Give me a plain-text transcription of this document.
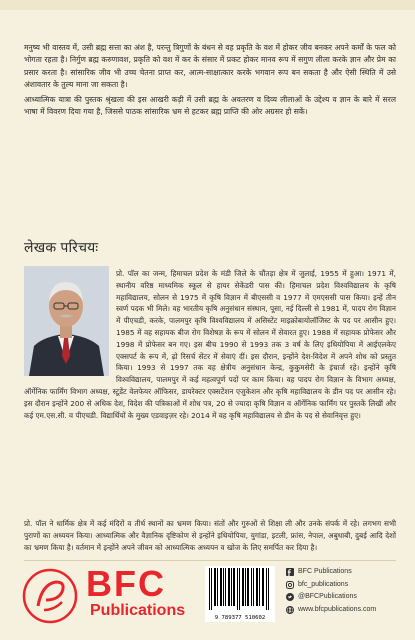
मनुष्य भी वास्तव में, उसी ब्रह्म सत्ता का अंश है, परन्तु त्रिगुणों के बंधन से वह प्रकृति के वश में होकर जीव बनकर अपने कर्मों के फल को भोगता रहता है। निर्गुण ब्रह्म करुणावश, प्रकृति को वश में कर के संसार में प्रकट होकर मानव रूप में सगुण लीला करके ज्ञान और प्रेम का प्रसार करता है। सांसारिक जीव भी उच्च चेतना प्राप्त कर, आत्म-साक्षात्कार करके भगवान रूप बन सकता है और ऐसी स्थिति में उसे अंशावतार के तुल्य माना जा सकता है।

आध्यात्मिक यात्रा की पुस्तक श्रृंखला की इस आखरी कड़ी में उसी ब्रह्म के अवतरण व दिव्य लीलाओं के उद्देश्य व ज्ञान के बारे में सरल भाषा में विवरण दिया गया है, जिससे पाठक सांसारिक भ्रम से हटकर ब्रह्म प्राप्ति की ओर अग्रसर हो सकें।

लेखक परिचयः

प्रो. पॉल का जन्म, हिमाचल प्रदेश के मंडी जिले के चौंतड़ा क्षेत्र में जुलाई, 1955 में हुआ। 1971 में, स्थानीय वरिष्ठ माध्यमिक स्कूल से हायर सेकेंडरी पास की। हिमाचल प्रदेश विश्वविद्यालय के कृषि महाविद्यालय, सोलन से 1975 में कृषि विज्ञान में बीएससी व 1977 में एमएससी पास किया। इन्हें तीन स्वर्ण पदक भी मिले। वह भारतीय कृषि अनुसंधान संस्थान, पूसा, नई दिल्ली से 1981 में, पादप रोग विज्ञान में पीएचडी, करके, पालमपुर कृषि विश्वविद्यालय में असिस्टेंट माइक्रोबायोलॉजिस्ट के पद पर आसीन हुए। 1985 में वह सहायक बीज रोग विशेषज्ञ के रूप में सोलन में सेवारत हुए। 1988 में सहायक प्रोफेसर और 1998 में प्रोफेसर बन गए। इस बीच 1990 से 1993 तक 3 वर्ष के लिए इथियोपिया में आईएलकेए एक्सपर्ट के रूप में, ढ़ो रिसर्च सेंटर में सेवाएं दीं। इस दौरान, इन्होंने देश-विदेश में अपने शोध को प्रस्तुत किया। 1993 से 1997 तक वह क्षेत्रीय अनुसंधान केन्द्र, कुकुमसेरी के इंचार्ज रहे। इन्होंने कृषि विश्वविद्यालय, पालमपुर में कई महत्वपूर्ण पदों पर काम किया। वह पादप रोग विज्ञान के विभाग अध्यक्ष, ऑर्गेनिक फार्मिंग विभाग अध्यक्ष, स्टूडेंट वेलफेयर ऑफिसर, डायरेक्टर एक्सटेंशन एजुकेशन और कृषि महाविद्यालय के डीन पद पर आसीन रहे। इस दौरान इन्होंने 200 से अधिक देश, विदेश की पत्रिकाओं में शोध पत्र, 20 से ज्यादा कृषि विज्ञान व ऑर्गेनिक फार्मिंग पर पुस्तकें लिखीं और कई एम.एस.सी. व पीएचडी. विद्यार्थियों के मुख्य एडवाइज़र रहे। 2014 में वह कृषि महाविद्यालय से डीन के पद से सेवानिवृत्त हुए।

प्रो. पॉल ने धार्मिक क्षेत्र में कई मंदिरों व तीर्थ स्थानों का भ्रमण किया। संतों और गुरुओं से शिक्षा ली और उनके संपर्क में रहे। लगभग सभी पुराणों का अध्ययन किया। आध्यात्मिक और वैज्ञानिक दृष्टिकोण से इन्होंने इथियोपिया, युगांडा, इटली, फ्रांस, नेपाल, अबुधाबी, दुबई आदि देशों का भ्रमण किया है। वर्तमान में इन्होंने अपने जीवन को आध्यात्मिक अध्ययन व खोज के लिए समर्पित कर दिया है।

BFC
Publications	9 789377 510602
BFC Publications
bfc_publications
@BFCPublications
www.bfcpublications.com
